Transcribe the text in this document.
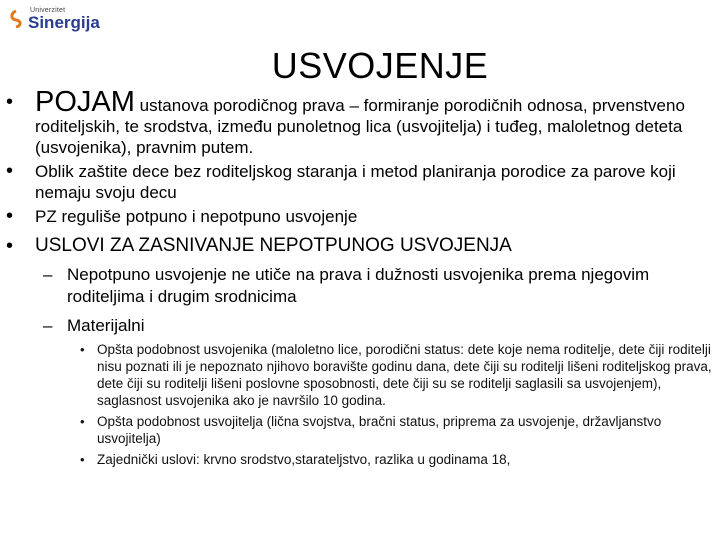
Univerzitet
Sinergija
USVOJENJE
• POJAM ustanova porodičnog prava – formiranje porodičnih odnosa, prvenstveno roditeljskih, te srodstva, između punoletnog lica (usvojitelja) i tuđeg, maloletnog deteta (usvojenika), pravnim putem.
• Oblik zaštite dece bez roditeljskog staranja i metod planiranja porodice za parove koji nemaju svoju decu
• PZ reguliše potpuno i nepotpuno usvojenje
• USLOVI ZA ZASNIVANJE NEPOTPUNOG USVOJENJA
– Nepotpuno usvojenje ne utiče na prava i dužnosti usvojenika prema njegovim roditeljima i drugim srodnicima
– Materijalni
• Opšta podobnost usvojenika (maloletno lice, porodični status: dete koje nema roditelje, dete čiji roditelji nisu poznati ili je nepoznato njihovo boravište godinu dana, dete čiji su roditelji lišeni roditeljskog prava, dete čiji su roditelji lišeni poslovne sposobnosti, dete čiji su se roditelji saglasili sa usvojenjem), saglasnost usvojenika ako je navršilo 10 godina.
• Opšta podobnost usvojitelja (lična svojstva, bračni status, priprema za usvojenje, državljanstvo usvojitelja)
• Zajednički uslovi: krvno srodstvo,starateljstvo, razlika u godinama 18,
